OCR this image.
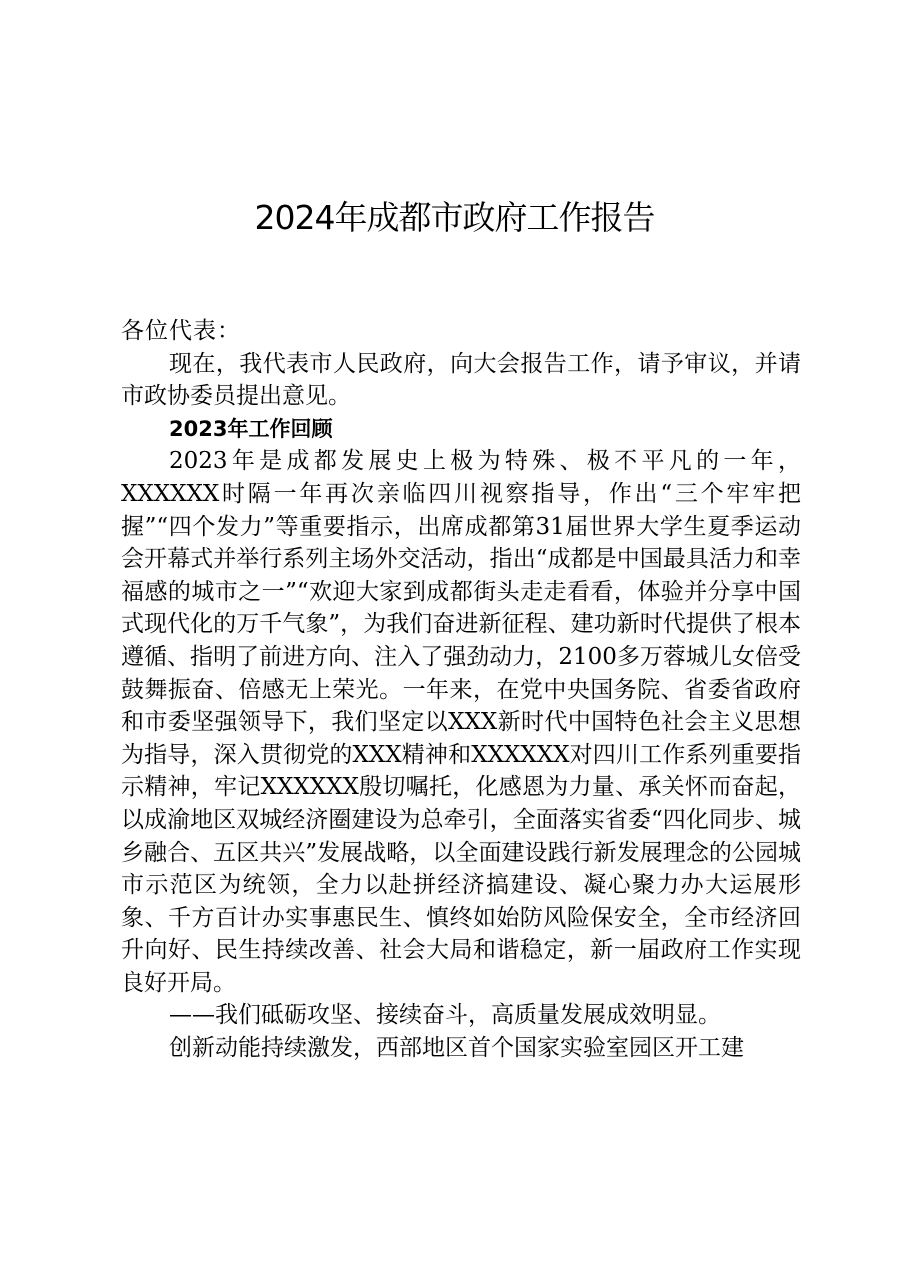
2024年成都市政府工作报告

各位代表：

现在，我代表市人民政府，向大会报告工作，请予审议，并请市政协委员提出意见。

2023年工作回顾

2023年是成都发展史上极为特殊、极不平凡的一年，XXXXXX时隔一年再次亲临四川视察指导，作出“三个牢牢把握”“四个发力”等重要指示，出席成都第31届世界大学生夏季运动会开幕式并举行系列主场外交活动，指出“成都是中国最具活力和幸福感的城市之一”“欢迎大家到成都街头走走看看，体验并分享中国式现代化的万千气象”，为我们奋进新征程、建功新时代提供了根本遵循、指明了前进方向、注入了强劲动力，2100多万蓉城儿女倍受鼓舞振奋、倍感无上荣光。一年来，在党中央国务院、省委省政府和市委坚强领导下，我们坚定以XXX新时代中国特色社会主义思想为指导，深入贯彻党的XXX精神和XXXXXX对四川工作系列重要指示精神，牢记XXXXXX殷切嘱托，化感恩为力量、承关怀而奋起，以成渝地区双城经济圈建设为总牵引，全面落实省委“四化同步、城乡融合、五区共兴”发展战略，以全面建设践行新发展理念的公园城市示范区为统领，全力以赴拼经济搞建设、凝心聚力办大运展形象、千方百计办实事惠民生、慎终如始防风险保安全，全市经济回升向好、民生持续改善、社会大局和谐稳定，新一届政府工作实现良好开局。

——我们砥砺攻坚、接续奋斗，高质量发展成效明显。

创新动能持续激发，西部地区首个国家实验室园区开工建
